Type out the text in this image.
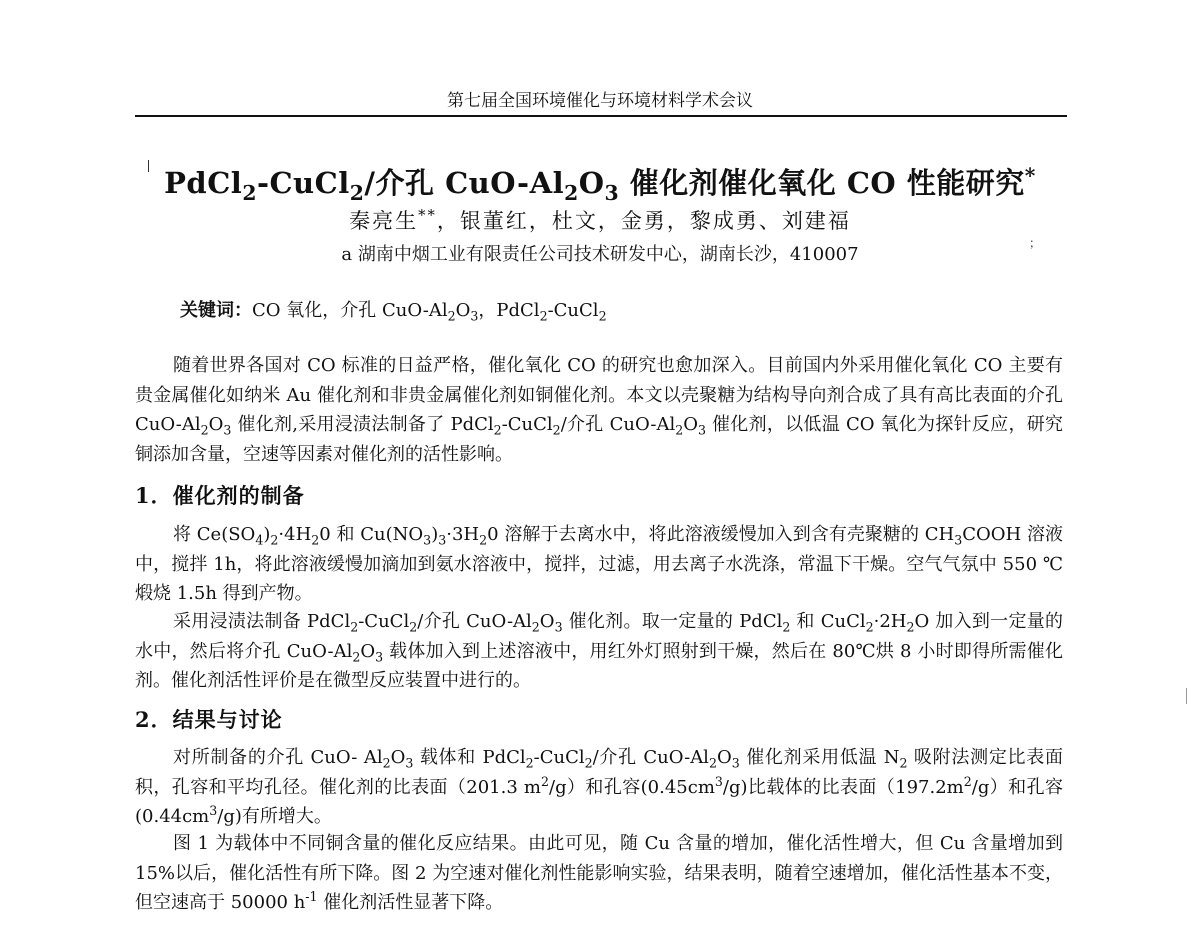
第七届全国环境催化与环境材料学术会议
PdCl$_2$-CuCl$_2$/介孔 CuO-$Al_2O_3$ 催化剂催化氧化 CO 性能研究*
秦亮生**，银董红，杜文，金勇，黎成勇、刘建福
a 湖南中烟工业有限责任公司技术研发中心，湖南长沙，410007
；
关键词：CO 氧化，介孔 CuO-$Al_2O_3$，PdCl$_2$-CuCl$_2$

随着世界各国对 CO 标准的日益严格，催化氧化 CO 的研究也愈加深入。目前国内外采用催化氧化 CO 主要有贵金属催化如纳米 Au 催化剂和非贵金属催化剂如铜催化剂。本文以壳聚糖为结构导向剂合成了具有高比表面的介孔 CuO-$Al_2O_3$ 催化剂,采用浸渍法制备了 PdCl$_2$-CuCl$_2$/介孔 CuO-$Al_2O_3$ 催化剂，以低温 CO 氧化为探针反应，研究铜添加含量，空速等因素对催化剂的活性影响。

1．催化剂的制备

将 $Ce(SO_4)_2\cdot 4H_20$ 和 $Cu(NO_3)_3\cdot 3H_20$ 溶解于去离水中，将此溶液缓慢加入到含有壳聚糖的 $CH_3COOH$ 溶液中，搅拌 1h，将此溶液缓慢加滴加到氨水溶液中，搅拌，过滤，用去离子水洗涤，常温下干燥。空气气氛中 550 ℃煅烧 1.5h 得到产物。

采用浸渍法制备 PdCl$_2$-CuCl$_2$/介孔 CuO-$Al_2O_3$ 催化剂。取一定量的 PdCl$_2$ 和 $CuCl_2\cdot 2H_2O$ 加入到一定量的水中，然后将介孔 CuO-$Al_2O_3$ 载体加入到上述溶液中，用红外灯照射到干燥，然后在 80℃烘 8 小时即得所需催化剂。催化剂活性评价是在微型反应装置中进行的。

2．结果与讨论

对所制备的介孔 CuO- $Al_2O_3$ 载体和 PdCl$_2$-CuCl$_2$/介孔 CuO-$Al_2O_3$ 催化剂采用低温 $N_2$ 吸附法测定比表面积，孔容和平均孔径。催化剂的比表面（201.3 $m^2/g$）和孔容$(0.45cm^3/g)$比载体的比表面$(197.2m^2/g)$和孔容$(0.44cm^3/g)$有所增大。

图 1 为载体中不同铜含量的催化反应结果。由此可见，随 Cu 含量的增加，催化活性增大，但 Cu 含量增加到 15%以后，催化活性有所下降。图 2 为空速对催化剂性能影响实验，结果表明，随着空速增加，催化活性基本不变，但空速高于 50000 $h^{-1}$ 催化剂活性显著下降。
